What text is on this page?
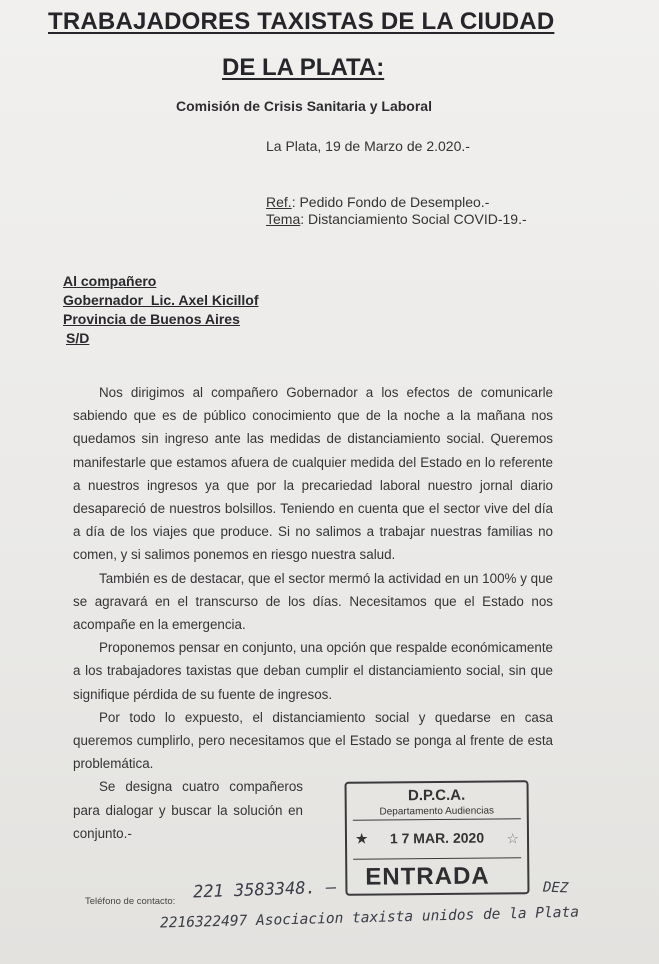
TRABAJADORES TAXISTAS DE LA CIUDAD
DE LA PLATA:
Comisión de Crisis Sanitaria y Laboral
La Plata, 19 de Marzo de 2.020.-
Ref.: Pedido Fondo de Desempleo.-
Tema: Distanciamiento Social COVID-19.-
Al compañero
Gobernador  Lic. Axel Kicillof
Provincia de Buenos Aires
S/D

Nos dirigimos al compañero Gobernador a los efectos de comunicarle sabiendo que es de público conocimiento que de la noche a la mañana nos quedamos sin ingreso ante las medidas de distanciamiento social. Queremos manifestarle que estamos afuera de cualquier medida del Estado en lo referente a nuestros ingresos ya que por la precariedad laboral nuestro jornal diario desapareció de nuestros bolsillos. Teniendo en cuenta que el sector vive del día a día de los viajes que produce. Si no salimos a trabajar nuestras familias no comen, y si salimos ponemos en riesgo nuestra salud.

También es de destacar, que el sector mermó la actividad en un 100% y que se agravará en el transcurso de los días. Necesitamos que el Estado nos acompañe en la emergencia.

Proponemos pensar en conjunto, una opción que respalde económicamente a los trabajadores taxistas que deban cumplir el distanciamiento social, sin que signifique pérdida de su fuente de ingresos.

Por todo lo expuesto, el distanciamiento social y quedarse en casa queremos cumplirlo, pero necesitamos que el Estado se ponga al frente de esta problemática.

Se designa cuatro compañeros para dialogar y buscar la solución en conjunto.-

D.P.C.A.
Departamento Audiencias
★	1 7 MAR. 2020	☆
ENTRADA
Teléfono de contacto: 221 3583348. —	DEZ
2216322497 Asociacion taxista unidos de la Plata
